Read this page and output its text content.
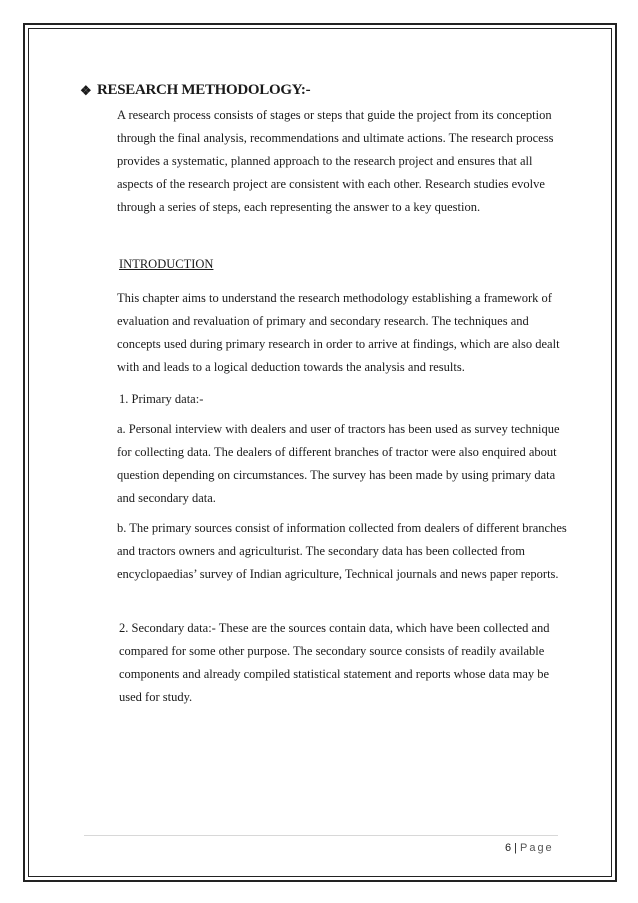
❖ RESEARCH METHODOLOGY:-

A research process consists of stages or steps that guide the project from its conception through the final analysis, recommendations and ultimate actions. The research process provides a systematic, planned approach to the research project and ensures that all aspects of the research project are consistent with each other. Research studies evolve through a series of steps, each representing the answer to a key question.

INTRODUCTION

This chapter aims to understand the research methodology establishing a framework of evaluation and revaluation of primary and secondary research. The techniques and concepts used during primary research in order to arrive at findings, which are also dealt with and leads to a logical deduction towards the analysis and results.

1. Primary data:-

a. Personal interview with dealers and user of tractors has been used as survey technique for collecting data. The dealers of different branches of tractor were also enquired about question depending on circumstances. The survey has been made by using primary data and secondary data.

b. The primary sources consist of information collected from dealers of different branches and tractors owners and agriculturist. The secondary data has been collected from encyclopaedias’ survey of Indian agriculture, Technical journals and news paper reports.

2. Secondary data:- These are the sources contain data, which have been collected and compared for some other purpose. The secondary source consists of readily available components and already compiled statistical statement and reports whose data may be used for study.

6 | Page
